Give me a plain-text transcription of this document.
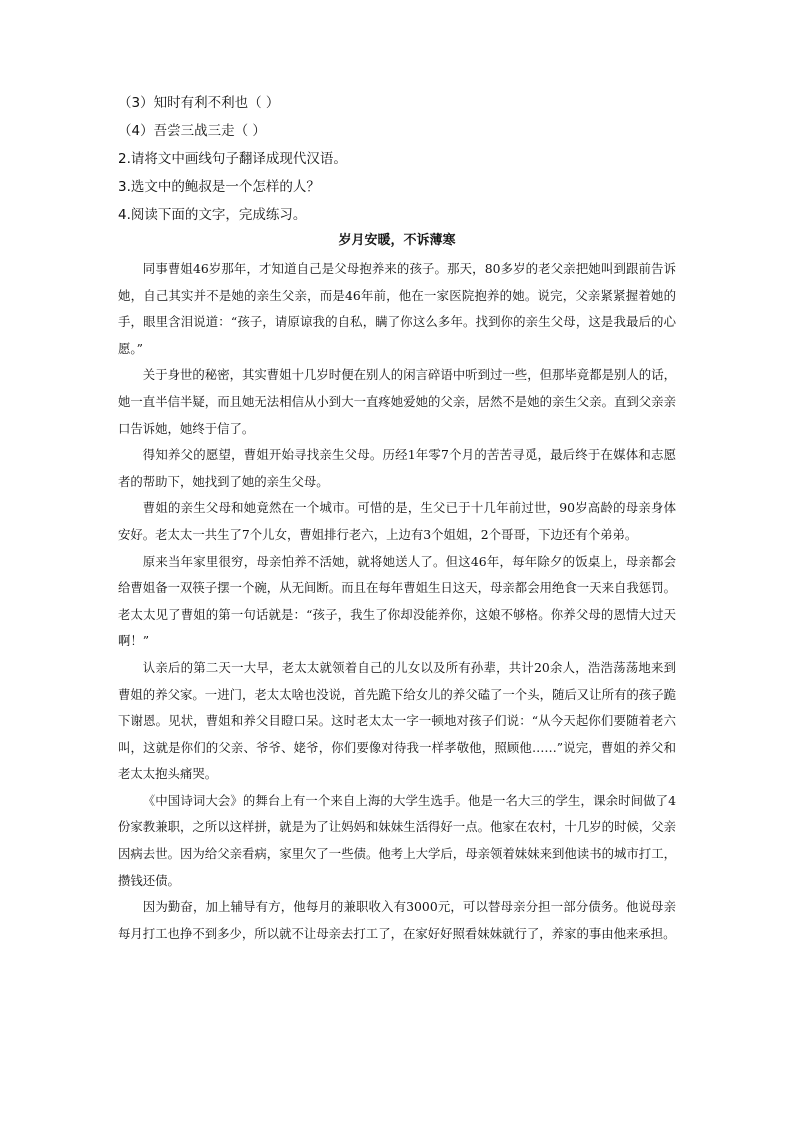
（3）知时有利不利也（ ）
（4）吾尝三战三走（ ）
2.请将文中画线句子翻译成现代汉语。
3.选文中的鲍叔是一个怎样的人？
4.阅读下面的文字，完成练习。
岁月安暖，不诉薄寒

同事曹姐46岁那年，才知道自己是父母抱养来的孩子。那天，80多岁的老父亲把她叫到跟前告诉她，自己其实并不是她的亲生父亲，而是46年前，他在一家医院抱养的她。说完，父亲紧紧握着她的手，眼里含泪说道：“孩子，请原谅我的自私，瞒了你这么多年。找到你的亲生父母，这是我最后的心愿。”

关于身世的秘密，其实曹姐十几岁时便在别人的闲言碎语中听到过一些，但那毕竟都是别人的话，她一直半信半疑，而且她无法相信从小到大一直疼她爱她的父亲，居然不是她的亲生父亲。直到父亲亲口告诉她，她终于信了。

得知养父的愿望，曹姐开始寻找亲生父母。历经1年零7个月的苦苦寻觅，最后终于在媒体和志愿者的帮助下，她找到了她的亲生父母。

曹姐的亲生父母和她竟然在一个城市。可惜的是，生父已于十几年前过世，90岁高龄的母亲身体安好。老太太一共生了7个儿女，曹姐排行老六，上边有3个姐姐，2个哥哥，下边还有个弟弟。

原来当年家里很穷，母亲怕养不活她，就将她送人了。但这46年，每年除夕的饭桌上，母亲都会给曹姐备一双筷子摆一个碗，从无间断。而且在每年曹姐生日这天，母亲都会用绝食一天来自我惩罚。老太太见了曹姐的第一句话就是：“孩子，我生了你却没能养你，这娘不够格。你养父母的恩情大过天啊！”

认亲后的第二天一大早，老太太就领着自己的儿女以及所有孙辈，共计20余人，浩浩荡荡地来到曹姐的养父家。一进门，老太太啥也没说，首先跪下给女儿的养父磕了一个头，随后又让所有的孩子跪下谢恩。见状，曹姐和养父目瞪口呆。这时老太太一字一顿地对孩子们说：“从今天起你们要随着老六叫，这就是你们的父亲、爷爷、姥爷，你们要像对待我一样孝敬他，照顾他……”说完，曹姐的养父和老太太抱头痛哭。

《中国诗词大会》的舞台上有一个来自上海的大学生选手。他是一名大三的学生，课余时间做了4份家教兼职，之所以这样拼，就是为了让妈妈和妹妹生活得好一点。他家在农村，十几岁的时候，父亲因病去世。因为给父亲看病，家里欠了一些债。他考上大学后，母亲领着妹妹来到他读书的城市打工，攒钱还债。

因为勤奋，加上辅导有方，他每月的兼职收入有3000元，可以替母亲分担一部分债务。他说母亲每月打工也挣不到多少，所以就不让母亲去打工了，在家好好照看妹妹就行了，养家的事由他来承担。
